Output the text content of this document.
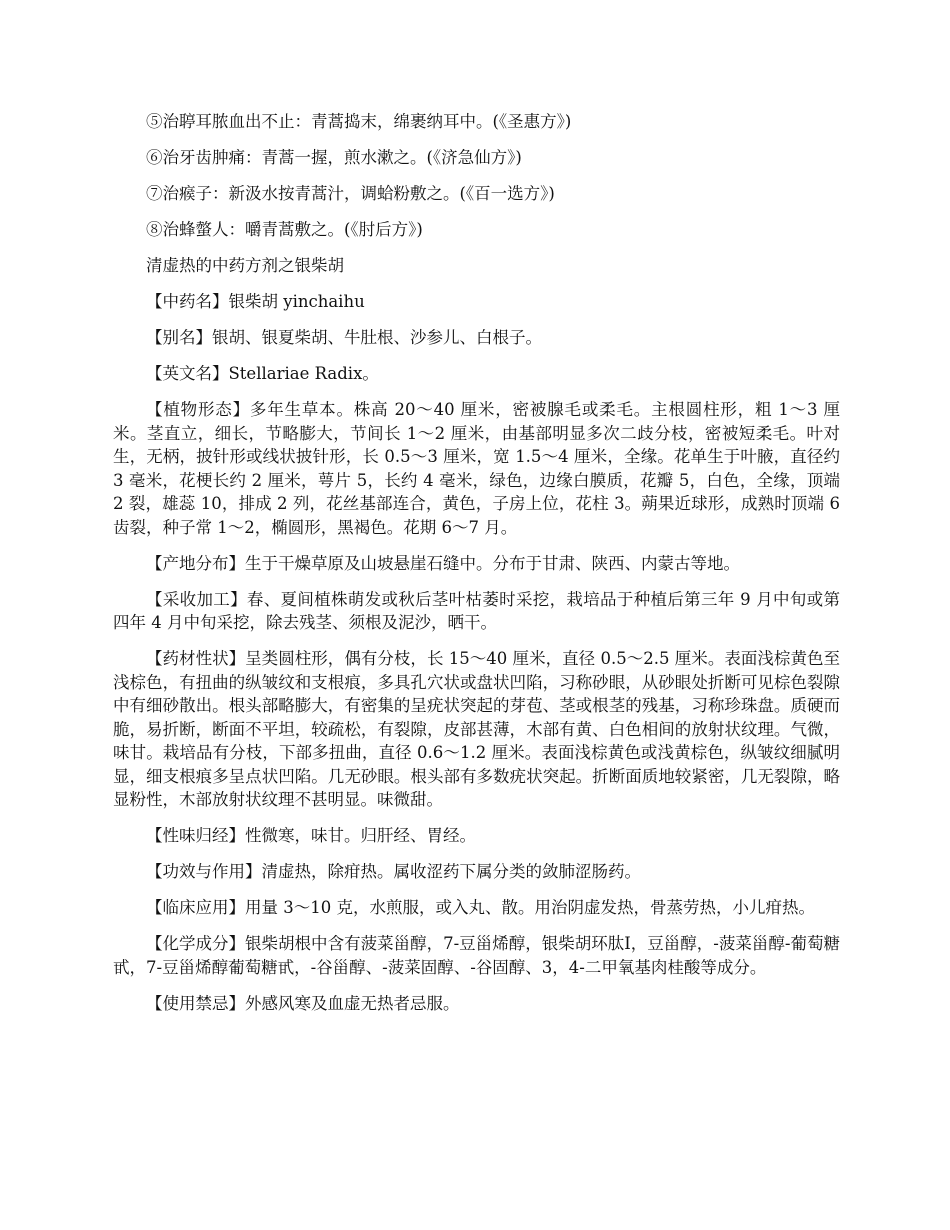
⑤治聤耳脓血出不止：青蒿捣末，绵裹纳耳中。(《圣惠方》)

⑥治牙齿肿痛：青蒿一握，煎水漱之。(《济急仙方》)

⑦治瘊子：新汲水按青蒿汁，调蛤粉敷之。(《百一选方》)

⑧治蜂螫人：嚼青蒿敷之。(《肘后方》)

清虚热的中药方剂之银柴胡

【中药名】银柴胡 yinchaihu

【别名】银胡、银夏柴胡、牛肚根、沙参儿、白根子。

【英文名】Stellariae Radix。

【植物形态】多年生草本。株高 20～40 厘米，密被腺毛或柔毛。主根圆柱形，粗 1～3 厘米。茎直立，细长，节略膨大，节间长 1～2 厘米，由基部明显多次二歧分枝，密被短柔毛。叶对生，无柄，披针形或线状披针形，长 0.5～3 厘米，宽 1.5～4 厘米，全缘。花单生于叶腋，直径约 3 毫米，花梗长约 2 厘米，萼片 5，长约 4 毫米，绿色，边缘白膜质，花瓣 5，白色，全缘，顶端 2 裂，雄蕊 10，排成 2 列，花丝基部连合，黄色，子房上位，花柱 3。蒴果近球形，成熟时顶端 6 齿裂，种子常 1～2，椭圆形，黑褐色。花期 6～7 月。

【产地分布】生于干燥草原及山坡悬崖石缝中。分布于甘肃、陕西、内蒙古等地。

【采收加工】春、夏间植株萌发或秋后茎叶枯萎时采挖，栽培品于种植后第三年 9 月中旬或第四年 4 月中旬采挖，除去残茎、须根及泥沙，晒干。

【药材性状】呈类圆柱形，偶有分枝，长 15～40 厘米，直径 0.5～2.5 厘米。表面浅棕黄色至浅棕色，有扭曲的纵皱纹和支根痕，多具孔穴状或盘状凹陷，习称砂眼，从砂眼处折断可见棕色裂隙中有细砂散出。根头部略膨大，有密集的呈疣状突起的芽苞、茎或根茎的残基，习称珍珠盘。质硬而脆，易折断，断面不平坦，较疏松，有裂隙，皮部甚薄，木部有黄、白色相间的放射状纹理。气微，味甘。栽培品有分枝，下部多扭曲，直径 0.6～1.2 厘米。表面浅棕黄色或浅黄棕色，纵皱纹细腻明显，细支根痕多呈点状凹陷。几无砂眼。根头部有多数疣状突起。折断面质地较紧密，几无裂隙，略显粉性，木部放射状纹理不甚明显。味微甜。

【性味归经】性微寒，味甘。归肝经、胃经。

【功效与作用】清虚热，除疳热。属收涩药下属分类的敛肺涩肠药。

【临床应用】用量 3～10 克，水煎服，或入丸、散。用治阴虚发热，骨蒸劳热，小儿疳热。

【化学成分】银柴胡根中含有菠菜甾醇，7-豆甾烯醇，银柴胡环肽Ⅰ，豆甾醇，-菠菜甾醇-葡萄糖甙，7-豆甾烯醇葡萄糖甙，-谷甾醇、-菠菜固醇、-谷固醇、3，4-二甲氧基肉桂酸等成分。

【使用禁忌】外感风寒及血虚无热者忌服。
